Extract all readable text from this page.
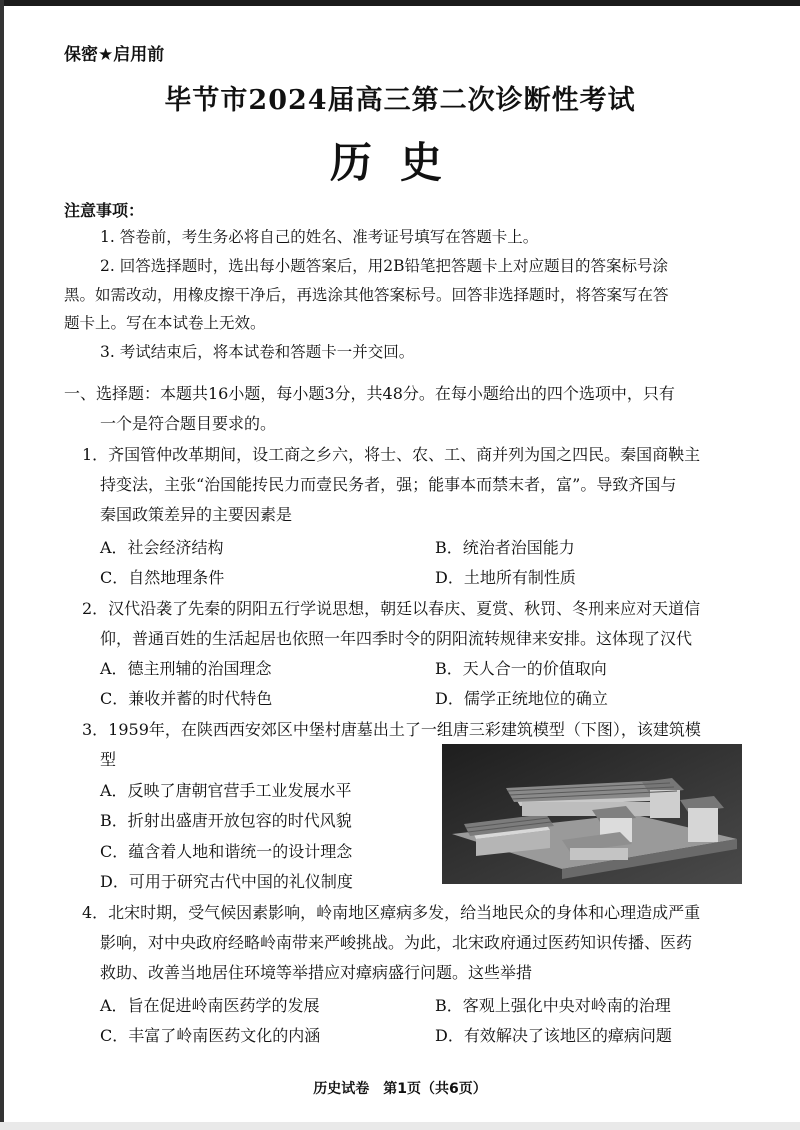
保密★启用前
毕节市2024届高三第二次诊断性考试
历史
注意事项：
1. 答卷前，考生务必将自己的姓名、准考证号填写在答题卡上。
2. 回答选择题时，选出每小题答案后，用2B铅笔把答题卡上对应题目的答案标号涂
黑。如需改动，用橡皮擦干净后，再选涂其他答案标号。回答非选择题时，将答案写在答
题卡上。写在本试卷上无效。
3. 考试结束后，将本试卷和答题卡一并交回。
一、选择题：本题共16小题，每小题3分，共48分。在每小题给出的四个选项中，只有
一个是符合题目要求的。
1．齐国管仲改革期间，设工商之乡六，将士、农、工、商并列为国之四民。秦国商鞅主
持变法，主张“治国能抟民力而壹民务者，强；能事本而禁末者，富”。导致齐国与
秦国政策差异的主要因素是
A．社会经济结构	B．统治者治国能力
C．自然地理条件	D．土地所有制性质
2．汉代沿袭了先秦的阴阳五行学说思想，朝廷以春庆、夏赏、秋罚、冬刑来应对天道信
仰，普通百姓的生活起居也依照一年四季时令的阴阳流转规律来安排。这体现了汉代
A．德主刑辅的治国理念	B．天人合一的价值取向
C．兼收并蓄的时代特色	D．儒学正统地位的确立
3．1959年，在陕西西安郊区中堡村唐墓出土了一组唐三彩建筑模型（下图），该建筑模
型
A．反映了唐朝官营手工业发展水平
B．折射出盛唐开放包容的时代风貌
C．蕴含着人地和谐统一的设计理念
D．可用于研究古代中国的礼仪制度
4．北宋时期，受气候因素影响，岭南地区瘴病多发，给当地民众的身体和心理造成严重
影响，对中央政府经略岭南带来严峻挑战。为此，北宋政府通过医药知识传播、医药
救助、改善当地居住环境等举措应对瘴病盛行问题。这些举措
A．旨在促进岭南医药学的发展	B．客观上强化中央对岭南的治理
C．丰富了岭南医药文化的内涵	D．有效解决了该地区的瘴病问题
历史试卷　第1页（共6页）
